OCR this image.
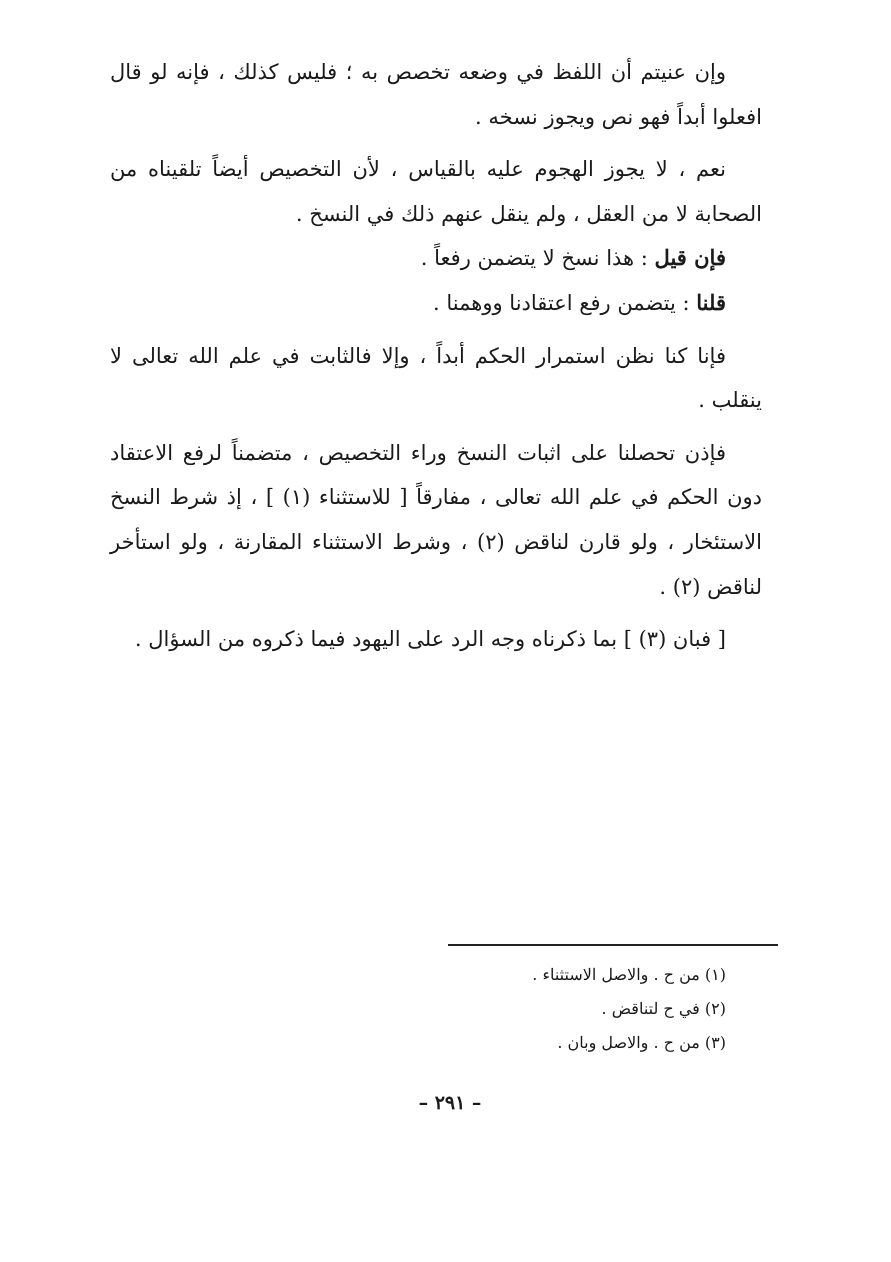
وإن عنيتم أن اللفظ في وضعه تخصص به ؛ فليس كذلك ، فإنه لو قال افعلوا أبداً فهو نص ويجوز نسخه .

نعم ، لا يجوز الهجوم عليه بالقياس ، لأن التخصيص أيضاً تلقيناه من الصحابة لا من العقل ، ولم ينقل عنهم ذلك في النسخ .

فإن قيل : هذا نسخ لا يتضمن رفعاً .

قلنا : يتضمن رفع اعتقادنا ووهمنا .

فإنا كنا نظن استمرار الحكم أبداً ، وإلا فالثابت في علم الله تعالى لا ينقلب .

فإذن تحصلنا على اثبات النسخ وراء التخصيص ، متضمناً لرفع الاعتقاد دون الحكم في علم الله تعالى ، مفارقاً [ للاستثناء (١) ] ، إذ شرط النسخ الاستئخار ، ولو قارن لناقض (٢) ، وشرط الاستثناء المقارنة ، ولو استأخر لناقض (٢) .

[ فبان (٣) ] بما ذكرناه وجه الرد على اليهود فيما ذكروه من السؤال .

(١) من ح . والاصل الاستثناء .

(٢) في ح لتناقض .

(٣) من ح . والاصل وبان .

– ٢٩١ –
